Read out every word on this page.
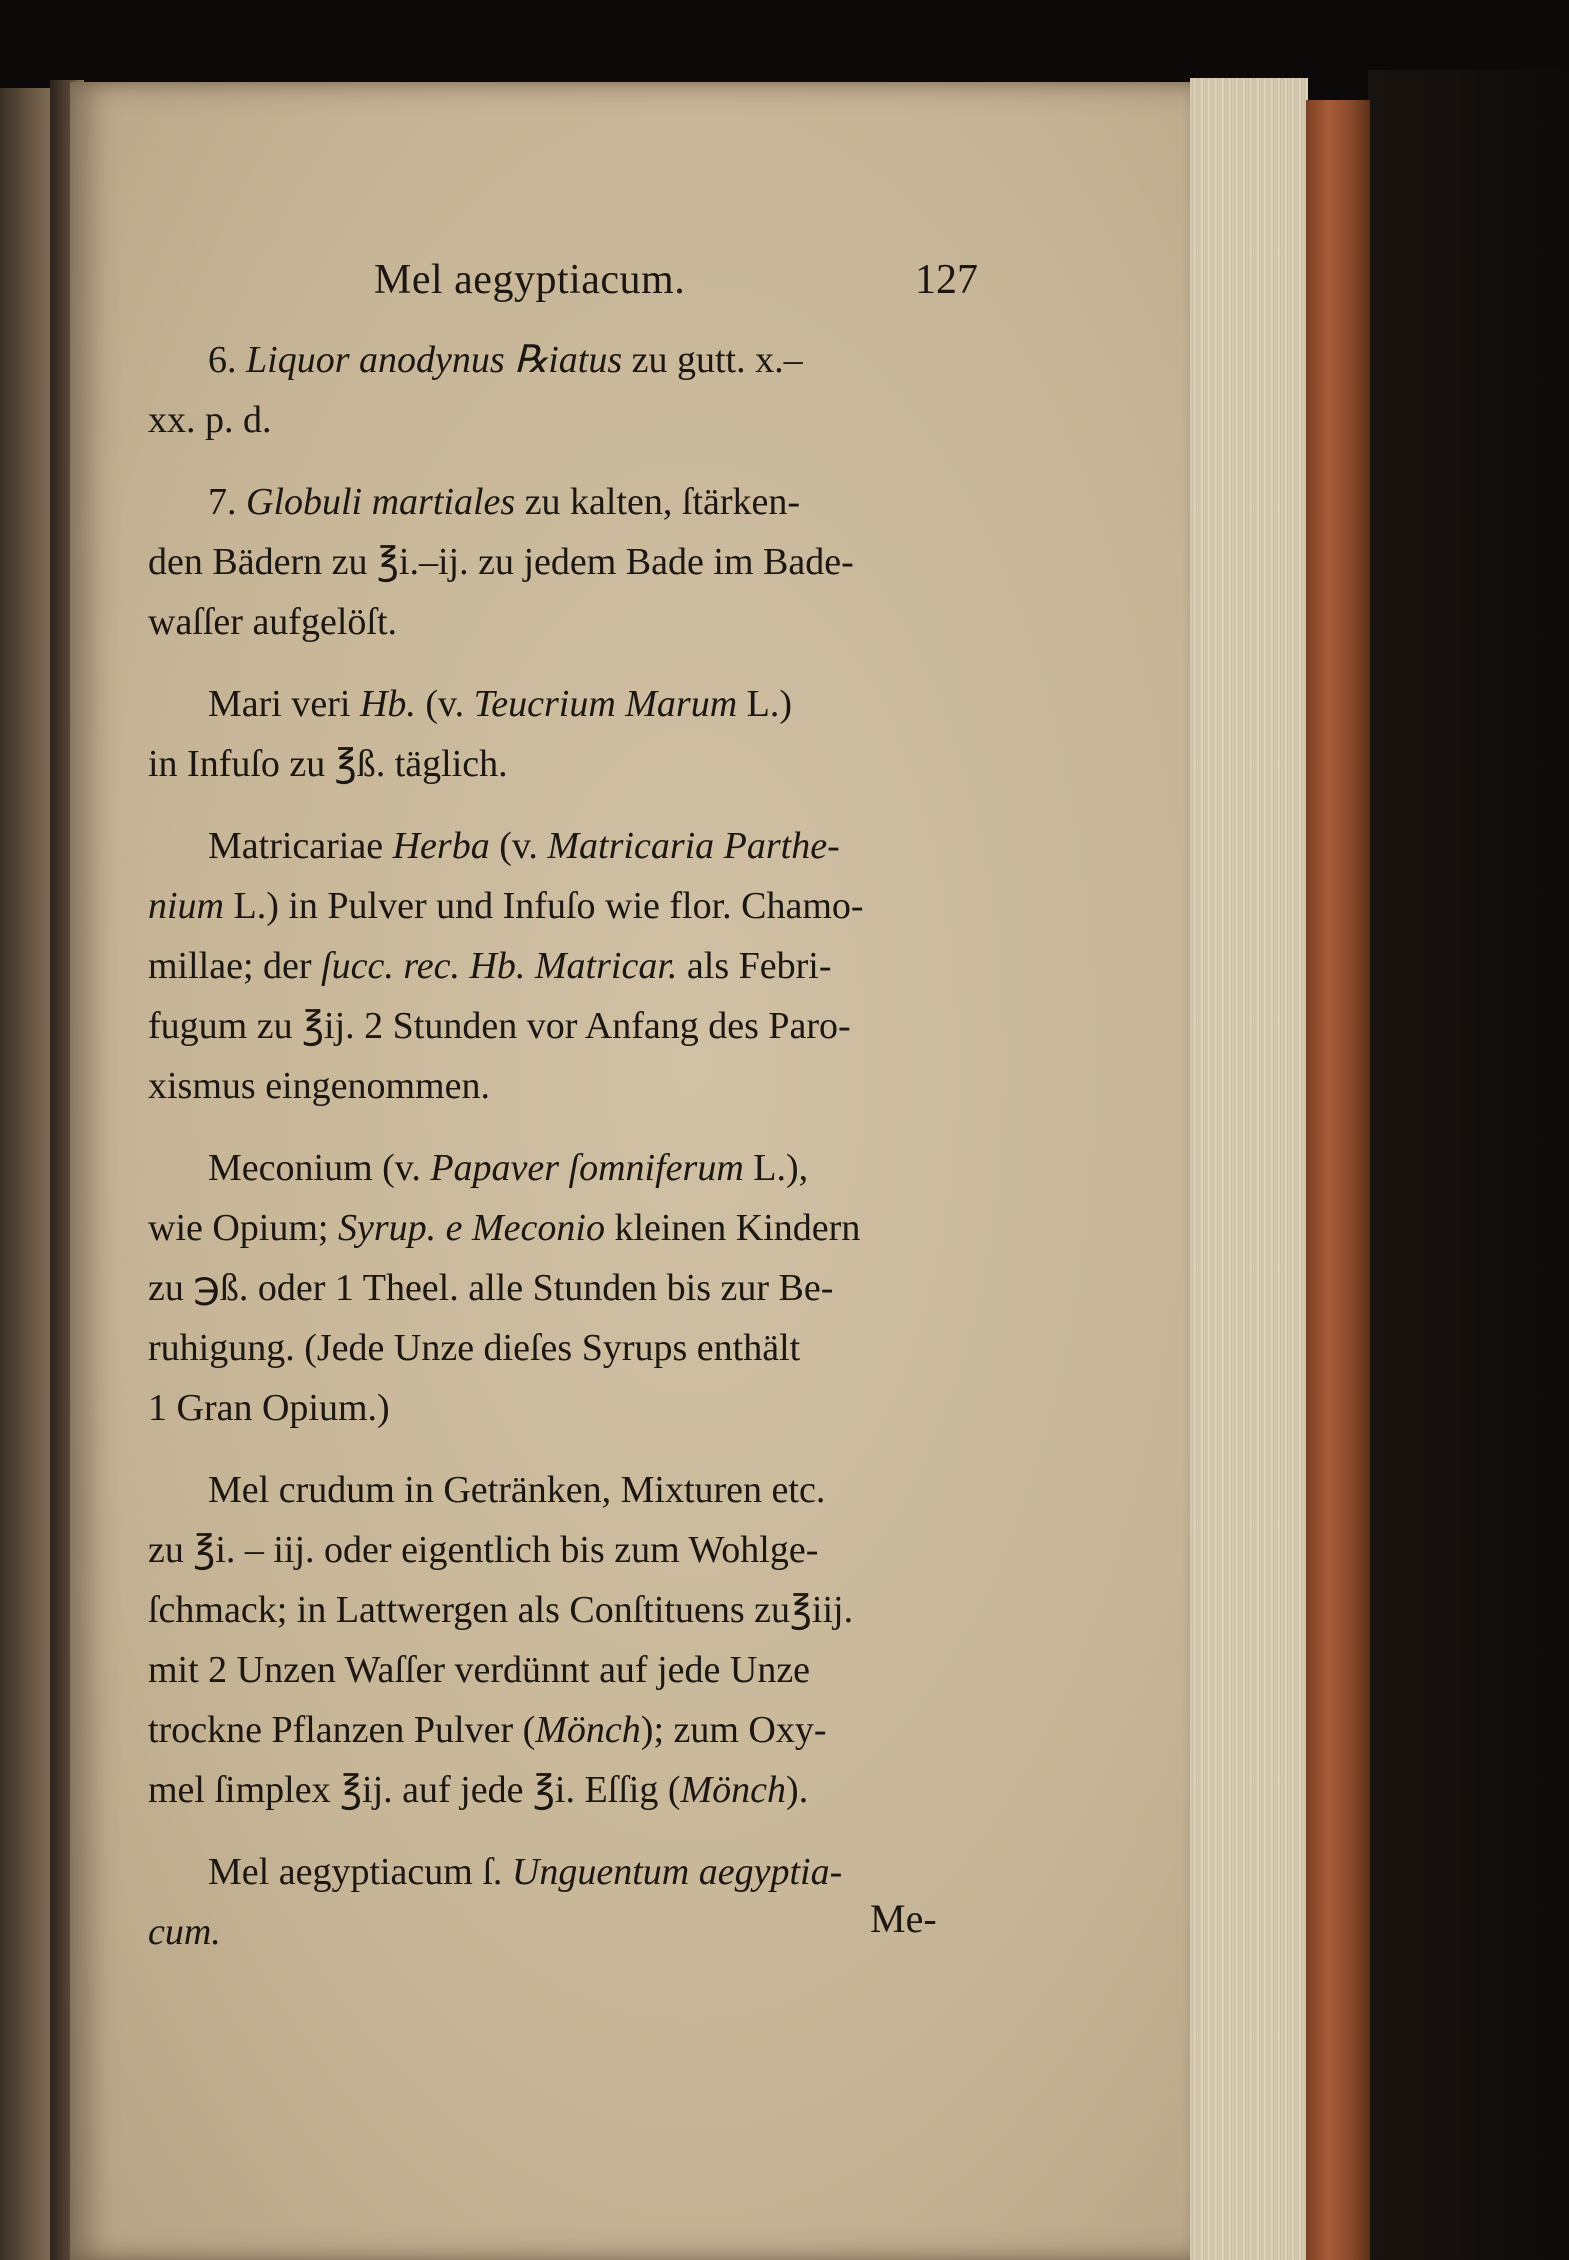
Mel aegyptiacum.	127

6. Liquor anodynus ℞iatus zu gutt. x.–
xx. p. d.

7. Globuli martiales zu kalten, ſtärken-
den Bädern zu ℥i.–ij. zu jedem Bade im Bade-
waſſer aufgelöſt.

Mari veri Hb. (v. Teucrium Marum L.)
in Infuſo zu ℥ß. täglich.

Matricariae Herba (v. Matricaria Parthe-
nium L.) in Pulver und Infuſo wie flor. Chamo-
millae; der ſucc. rec. Hb. Matricar. als Febri-
fugum zu ℥ij. 2 Stunden vor Anfang des Paro-
xismus eingenommen.

Meconium (v. Papaver ſomniferum L.),
wie Opium; Syrup. e Meconio kleinen Kindern
zu ℈ß. oder 1 Theel. alle Stunden bis zur Be-
ruhigung. (Jede Unze dieſes Syrups enthält
1 Gran Opium.)

Mel crudum in Getränken, Mixturen etc.
zu ℥i. – iij. oder eigentlich bis zum Wohlge-
ſchmack; in Lattwergen als Conſtituens zu℥iij.
mit 2 Unzen Waſſer verdünnt auf jede Unze
trockne Pflanzen Pulver (Mönch); zum Oxy-
mel ſimplex ℥ij. auf jede ℥i. Eſſig (Mönch).

Mel aegyptiacum ſ. Unguentum aegyptia-
cum.	Me-
